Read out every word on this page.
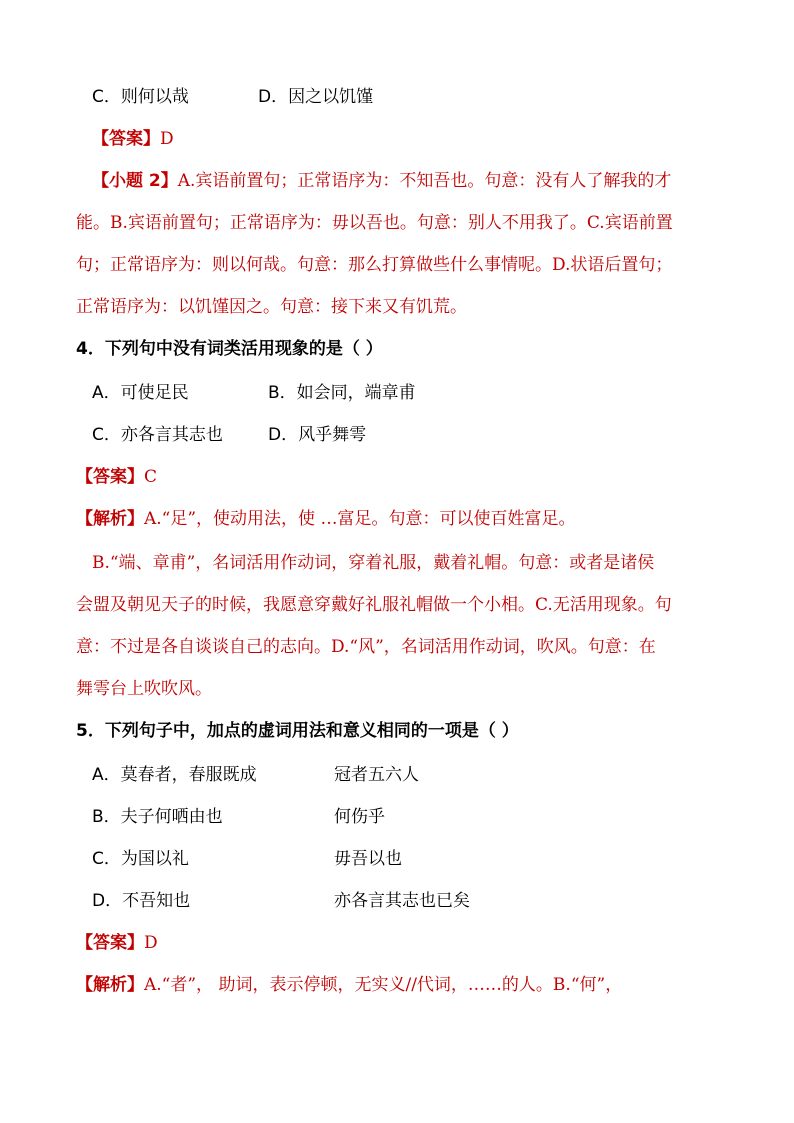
C．则何以哉	D．因之以饥馑
【答案】D
【小题 2】A.宾语前置句；正常语序为：不知吾也。句意：没有人了解我的才
能。B.宾语前置句；正常语序为：毋以吾也。句意：别人不用我了。C.宾语前置
句；正常语序为：则以何哉。句意：那么打算做些什么事情呢。D.状语后置句；
正常语序为：以饥馑因之。句意：接下来又有饥荒。
4．下列句中没有词类活用现象的是（ ）
A．可使足民	B．如会同，端章甫
C．亦各言其志也	D．风乎舞雩
【答案】C
【解析】A.“足”，使动用法，使 …富足。句意：可以使百姓富足。
B.“端、章甫”，名词活用作动词，穿着礼服，戴着礼帽。句意：或者是诸侯
会盟及朝见天子的时候，我愿意穿戴好礼服礼帽做一个小相。C.无活用现象。句
意：不过是各自谈谈自己的志向。D.“风”，名词活用作动词，吹风。句意：在
舞雩台上吹吹风。
5．下列句子中，加点的虚词用法和意义相同的一项是（ ）
A．莫春者，春服既成	冠者五六人
B．夫子何哂由也	何伤乎
C．为国以礼	毋吾以也
D．不吾知也	亦各言其志也已矣
【答案】D
【解析】A.“者”， 助词，表示停顿，无实义//代词，……的人。B.“何”，
